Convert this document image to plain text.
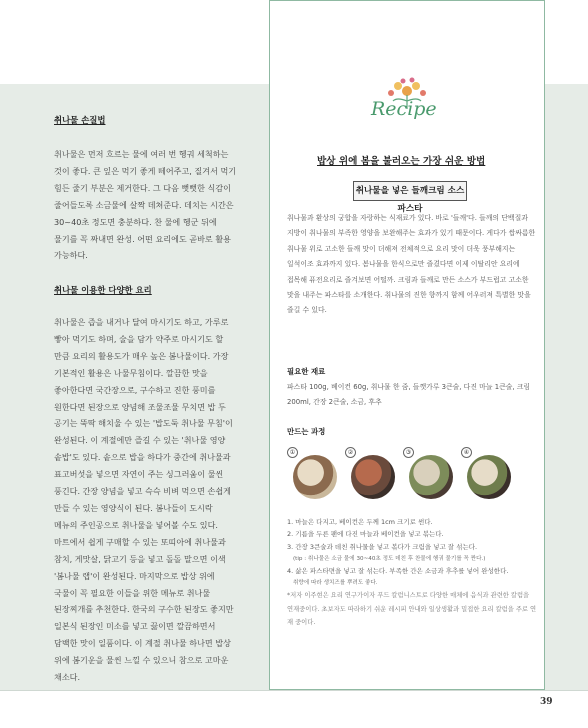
취나물 손질법

취나물은 먼저 흐르는 물에 여러 번 헹궈 세척하는 것이 좋다. 큰 잎은 먹기 좋게 떼어주고, 질겨서 먹기 힘든 줄기 부분은 제거한다. 그 다음 뻣뻣한 식감이 줄어들도록 소금물에 살짝 데쳐준다. 데치는 시간은 30~40초 정도면 충분하다. 찬 물에 헹군 뒤에 물기를 꼭 짜내면 완성. 어떤 요리에도 곧바로 활용 가능하다.

취나물 이용한 다양한 요리

취나물은 즙을 내거나 달여 마시기도 하고, 가루로 빻아 먹기도 하며, 술을 담가 약주로 마시기도 할 만큼 요리의 활용도가 매우 높은 봄나물이다. 가장 기본적인 활용은 나물무침이다. 깔끔한 맛을 좋아한다면 국간장으로, 구수하고 진한 풍미를 원한다면 된장으로 양념해 조물조물 무치면 밥 두 공기는 뚝딱 해치울 수 있는 '밥도둑 취나물 무침'이 완성된다. 이 계절에만 즐길 수 있는 '취나물 영양 솥밥'도 있다. 솥으로 밥을 하다가 중간에 취나물과 표고버섯을 넣으면 자연이 주는 싱그러움이 물씬 풍긴다. 간장 양념을 넣고 슥슥 비벼 먹으면 손쉽게 만들 수 있는 영양식이 된다. 봄나들이 도시락 메뉴의 주인공으로 취나물을 넣어볼 수도 있다. 마트에서 쉽게 구매할 수 있는 또띠아에 취나물과 참치, 게맛살, 닭고기 등을 넣고 돌돌 말으면 이색 '봄나물 랩'이 완성된다. 마지막으로 밥상 위에 국물이 꼭 필요한 이들을 위한 메뉴로 취나물 된장찌개를 추천한다. 한국의 구수한 된장도 좋지만 일본식 된장인 미소를 넣고 끓이면 깔끔하면서 담백한 맛이 일품이다. 이 계절 취나물 하나면 밥상 위에 봄기운을 물씬 느낄 수 있으니 참으로 고마운 채소다.

Recipe
밥상 위에 봄을 불러오는 가장 쉬운 방법
취나물을 넣은 들깨크림 소스 파스타

취나물과 환상의 궁합을 자랑하는 식재료가 있다. 바로 '들깨'다. 들깨의 단백질과 지방이 취나물의 부족한 영양을 보완해주는 효과가 있기 때문이다. 게다가 쌉싸름한 취나물 위로 고소한 들깨 맛이 더해져 전체적으로 요리 맛이 더욱 풍부해지는 일석이조 효과까지 있다. 봄나물을 한식으로만 즐겼다면 이제 이탈리안 요리에 접목해 퓨전요리로 즐겨보면 어떨까. 크림과 들깨로 만든 소스가 부드럽고 고소한 맛을 내주는 파스타를 소개한다. 취나물의 진한 향까지 함께 어우러져 특별한 맛을 즐길 수 있다.

필요한 재료

파스타 100g, 베이컨 60g, 취나물 한 줌, 들깻가루 3큰술, 다진 마늘 1큰술, 크림 200ml, 간장 2큰술, 소금, 후추

만드는 과정
①	②	③	④
1. 마늘은 다지고, 베이컨은 두께 1cm 크기로 썬다.
2. 기름을 두른 팬에 다진 마늘과 베이컨을 넣고 볶는다.
3. 간장 3큰술과 데친 취나물을 넣고 볶다가 크림을 넣고 잘 섞는다.
(tip : 취나물은 소금 물에 30~40초 정도 데친 후 찬물에 헹궈 물기를 꼭 짠다.)
4. 삶은 파스타면을 넣고 잘 섞는다. 부족한 간은 소금과 후추를 넣어 완성한다.
취향에 따라 생치즈를 뿌려도 좋다.

*저자 이주현은 요리 연구가이자 푸드 칼럼니스트로 다양한 매체에 음식과 관련한 칼럼을 연재중이다. 초보자도 따라하기 쉬운 레시피 안내와 일상생활과 밀접한 요리 칼럼을 주로 연재 중이다.

39
